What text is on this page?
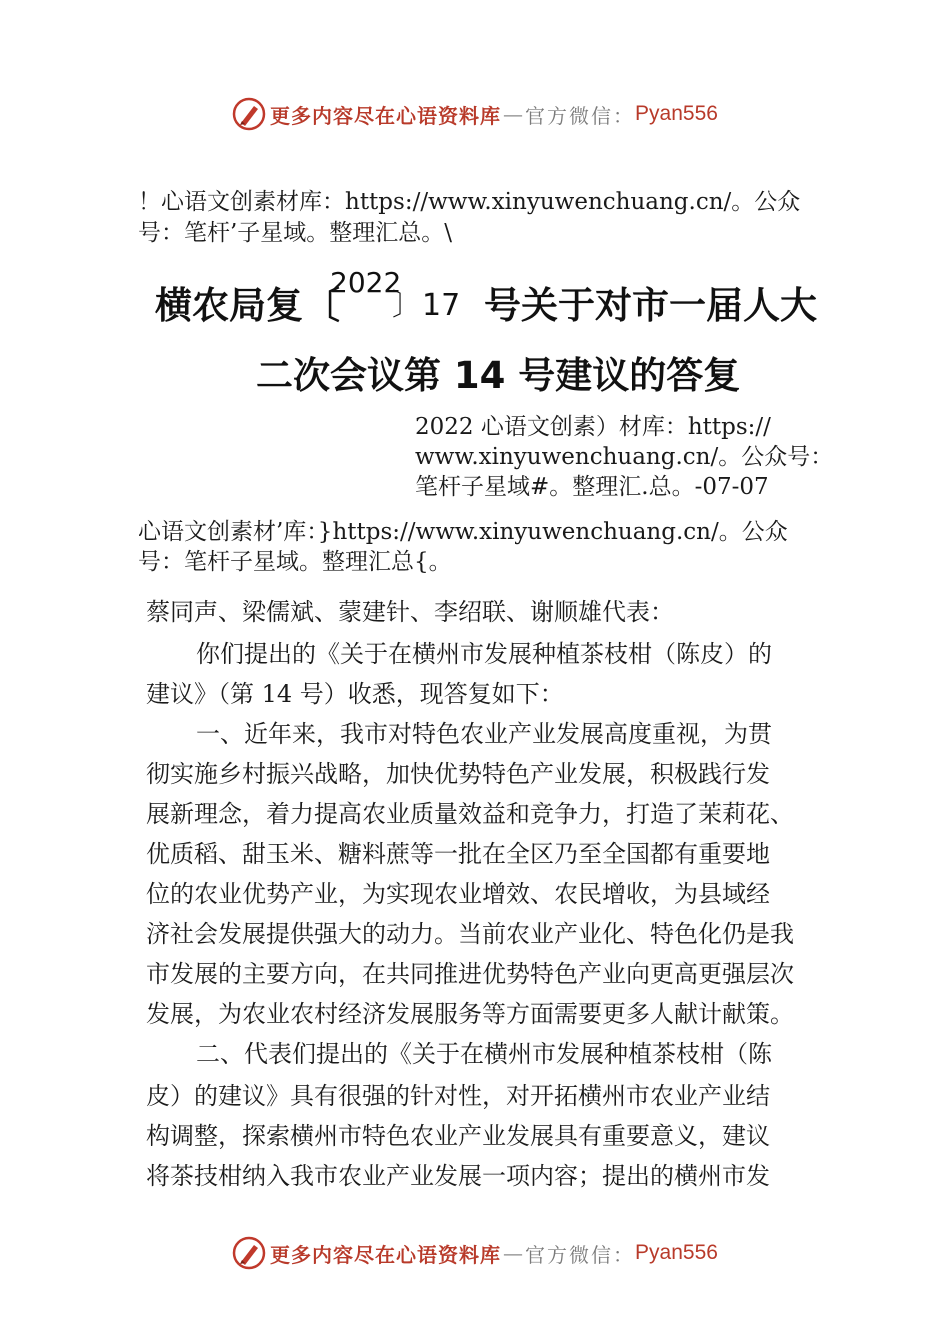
更多内容尽在心语资料库 — 官方微信： Pyan556
！心语文创素材库：https://www.xinyuwenchuang.cn/。公众
号：笔杆’子星域。整理汇总。\
横农局复〔
2022
〕17 号关于对市一届人大
二次会议第 14 号建议的答复
2022 心语文创素）材库：https://
www.xinyuwenchuang.cn/。公众号：
笔杆子星域#。整理汇.总。-07-07
心语文创素材’库：}https://www.xinyuwenchuang.cn/。公众
号：笔杆子星域。整理汇总{。
蔡同声、梁儒斌、蒙建针、李绍联、谢顺雄代表：
你们提出的《关于在横州市发展种植茶枝柑（陈皮）的
建议》（第 14 号）收悉，现答复如下：
一、近年来，我市对特色农业产业发展高度重视，为贯
彻实施乡村振兴战略，加快优势特色产业发展，积极践行发
展新理念，着力提高农业质量效益和竞争力，打造了茉莉花、
优质稻、甜玉米、糖料蔗等一批在全区乃至全国都有重要地
位的农业优势产业，为实现农业增效、农民增收，为县域经
济社会发展提供强大的动力。当前农业产业化、特色化仍是我
市发展的主要方向，在共同推进优势特色产业向更高更强层次
发展，为农业农村经济发展服务等方面需要更多人献计献策。
二、代表们提出的《关于在横州市发展种植茶枝柑（陈
皮）的建议》具有很强的针对性，对开拓横州市农业产业结
构调整，探索横州市特色农业产业发展具有重要意义，建议
将茶技柑纳入我市农业产业发展一项内容；提出的横州市发
更多内容尽在心语资料库 — 官方微信： Pyan556
